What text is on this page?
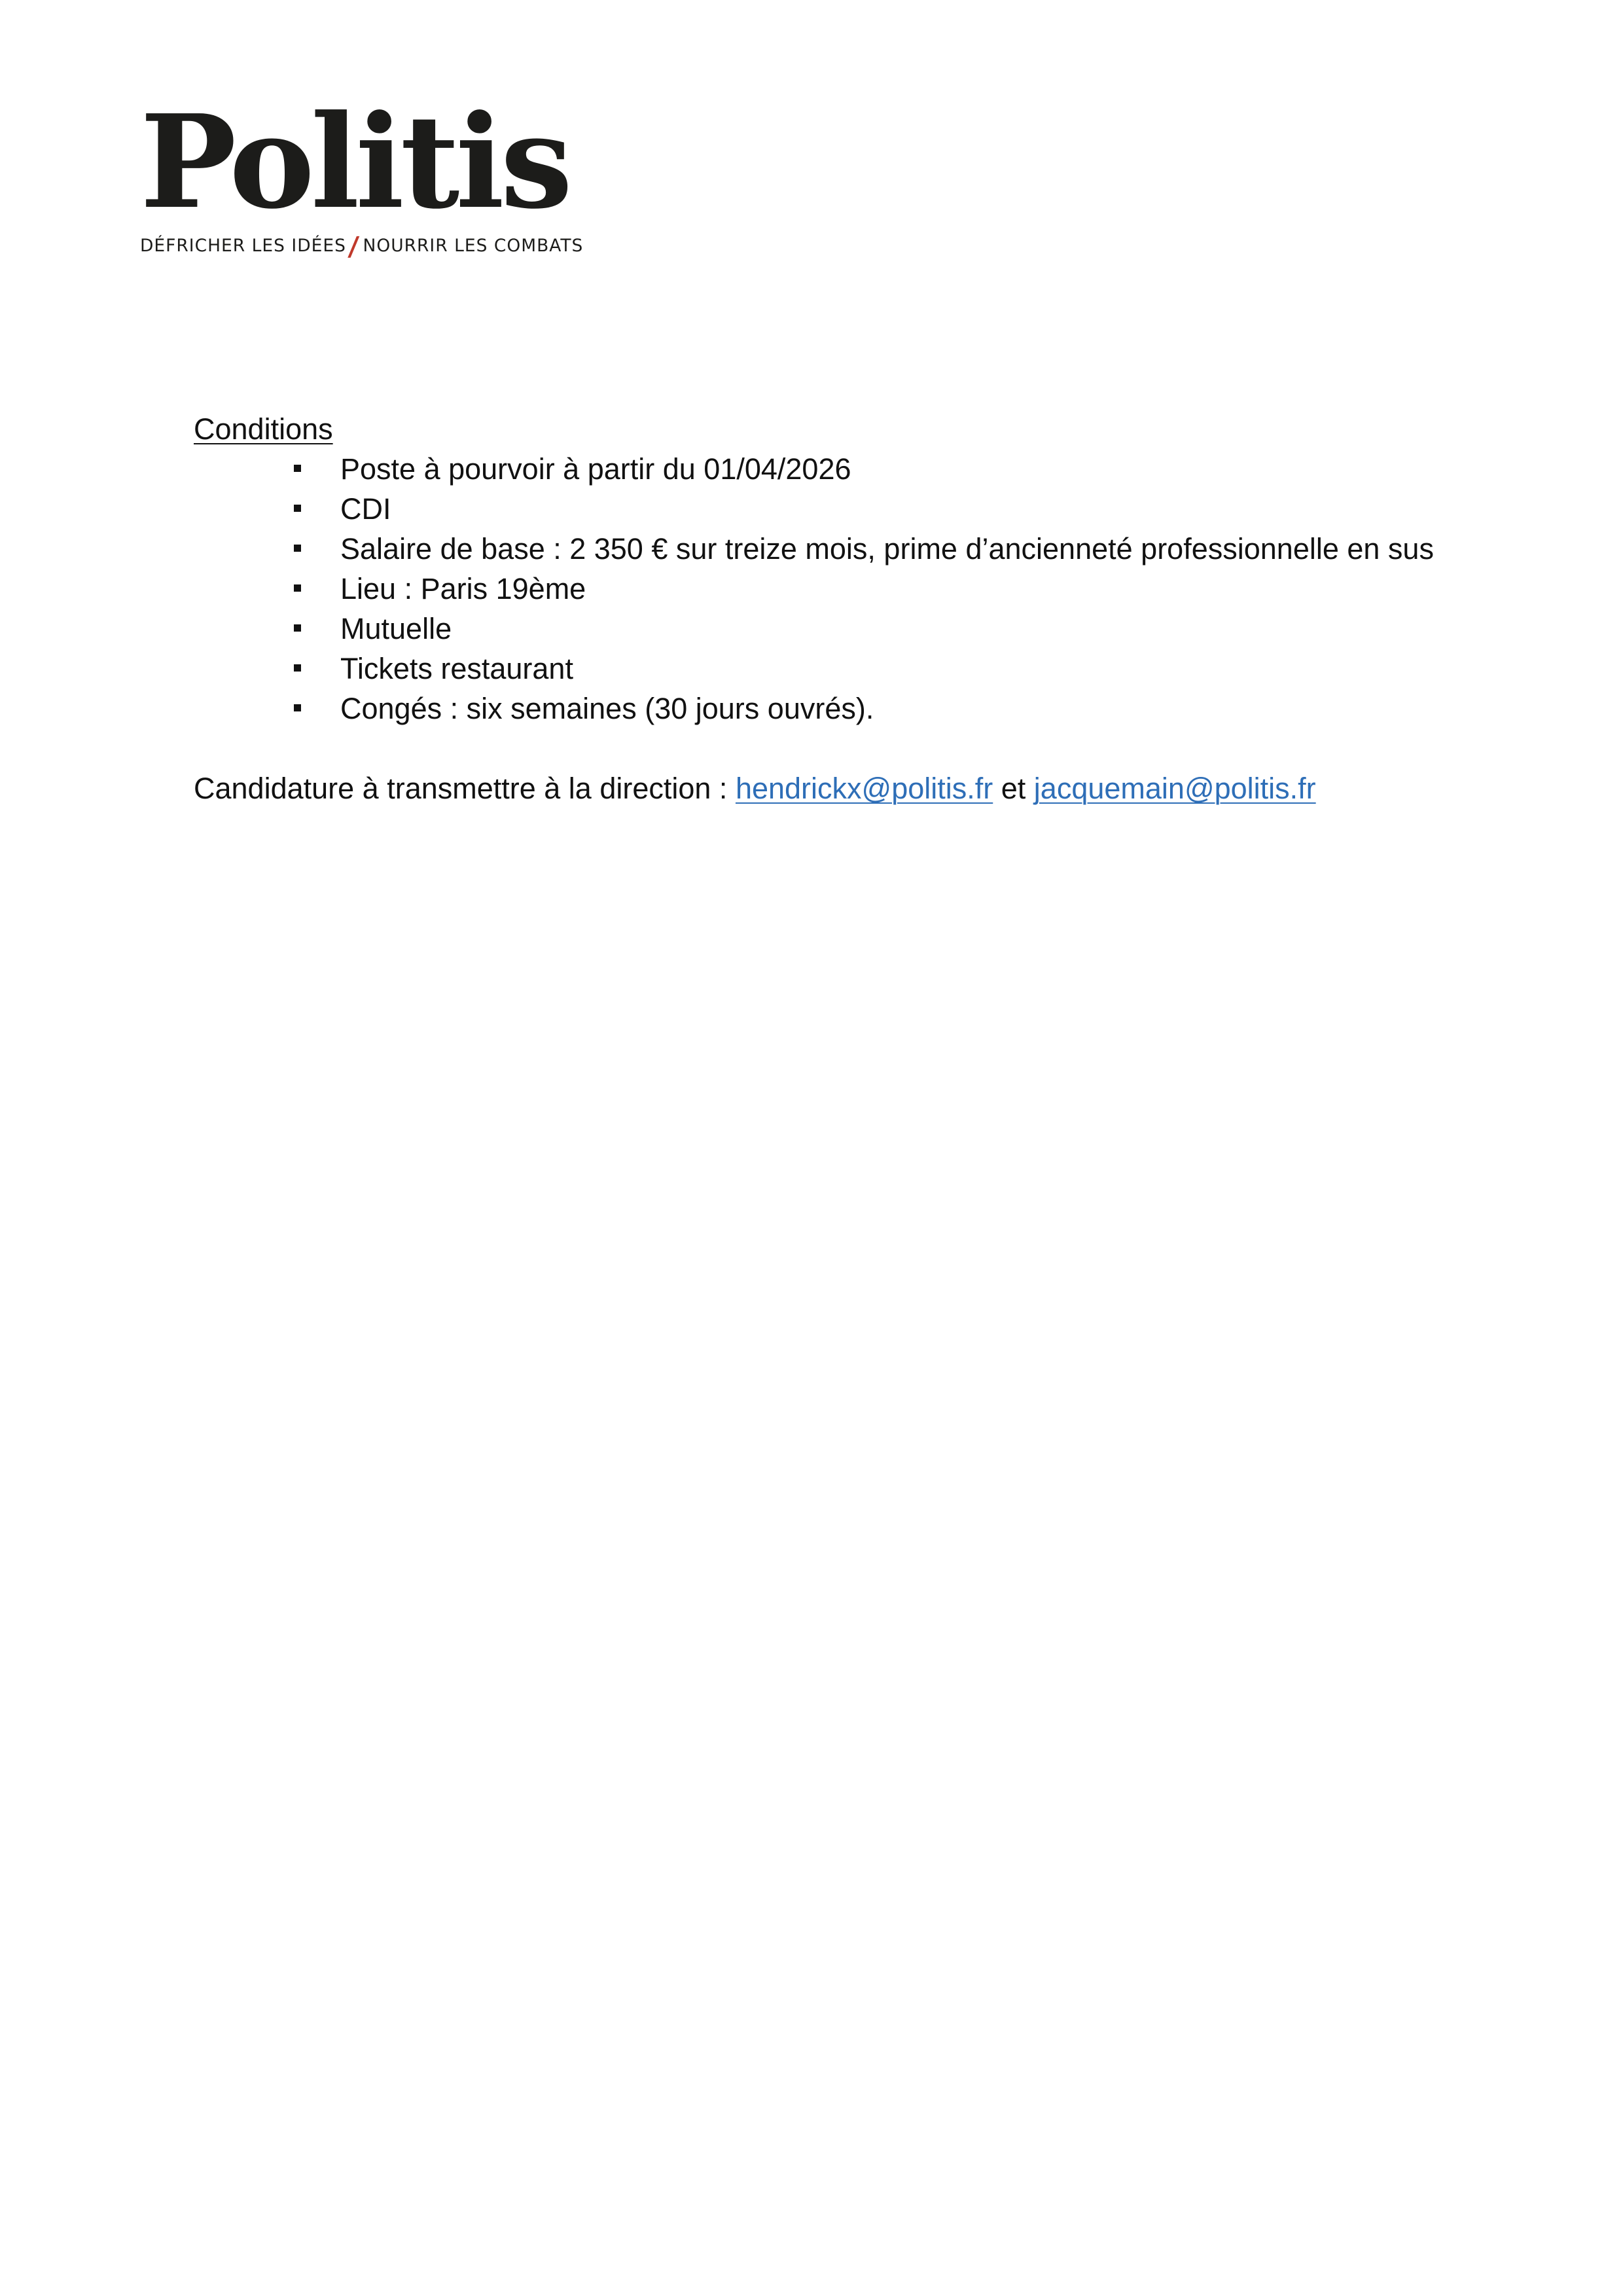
Politis
DÉFRICHER LES IDÉES/ NOURRIR LES COMBATS
Conditions
Poste à pourvoir à partir du 01/04/2026
CDI
Salaire de base : 2 350 € sur treize mois, prime d’ancienneté professionnelle en sus
Lieu : Paris 19ème
Mutuelle
Tickets restaurant
Congés : six semaines (30 jours ouvrés).
Candidature à transmettre à la direction : hendrickx@politis.fr et jacquemain@politis.fr
